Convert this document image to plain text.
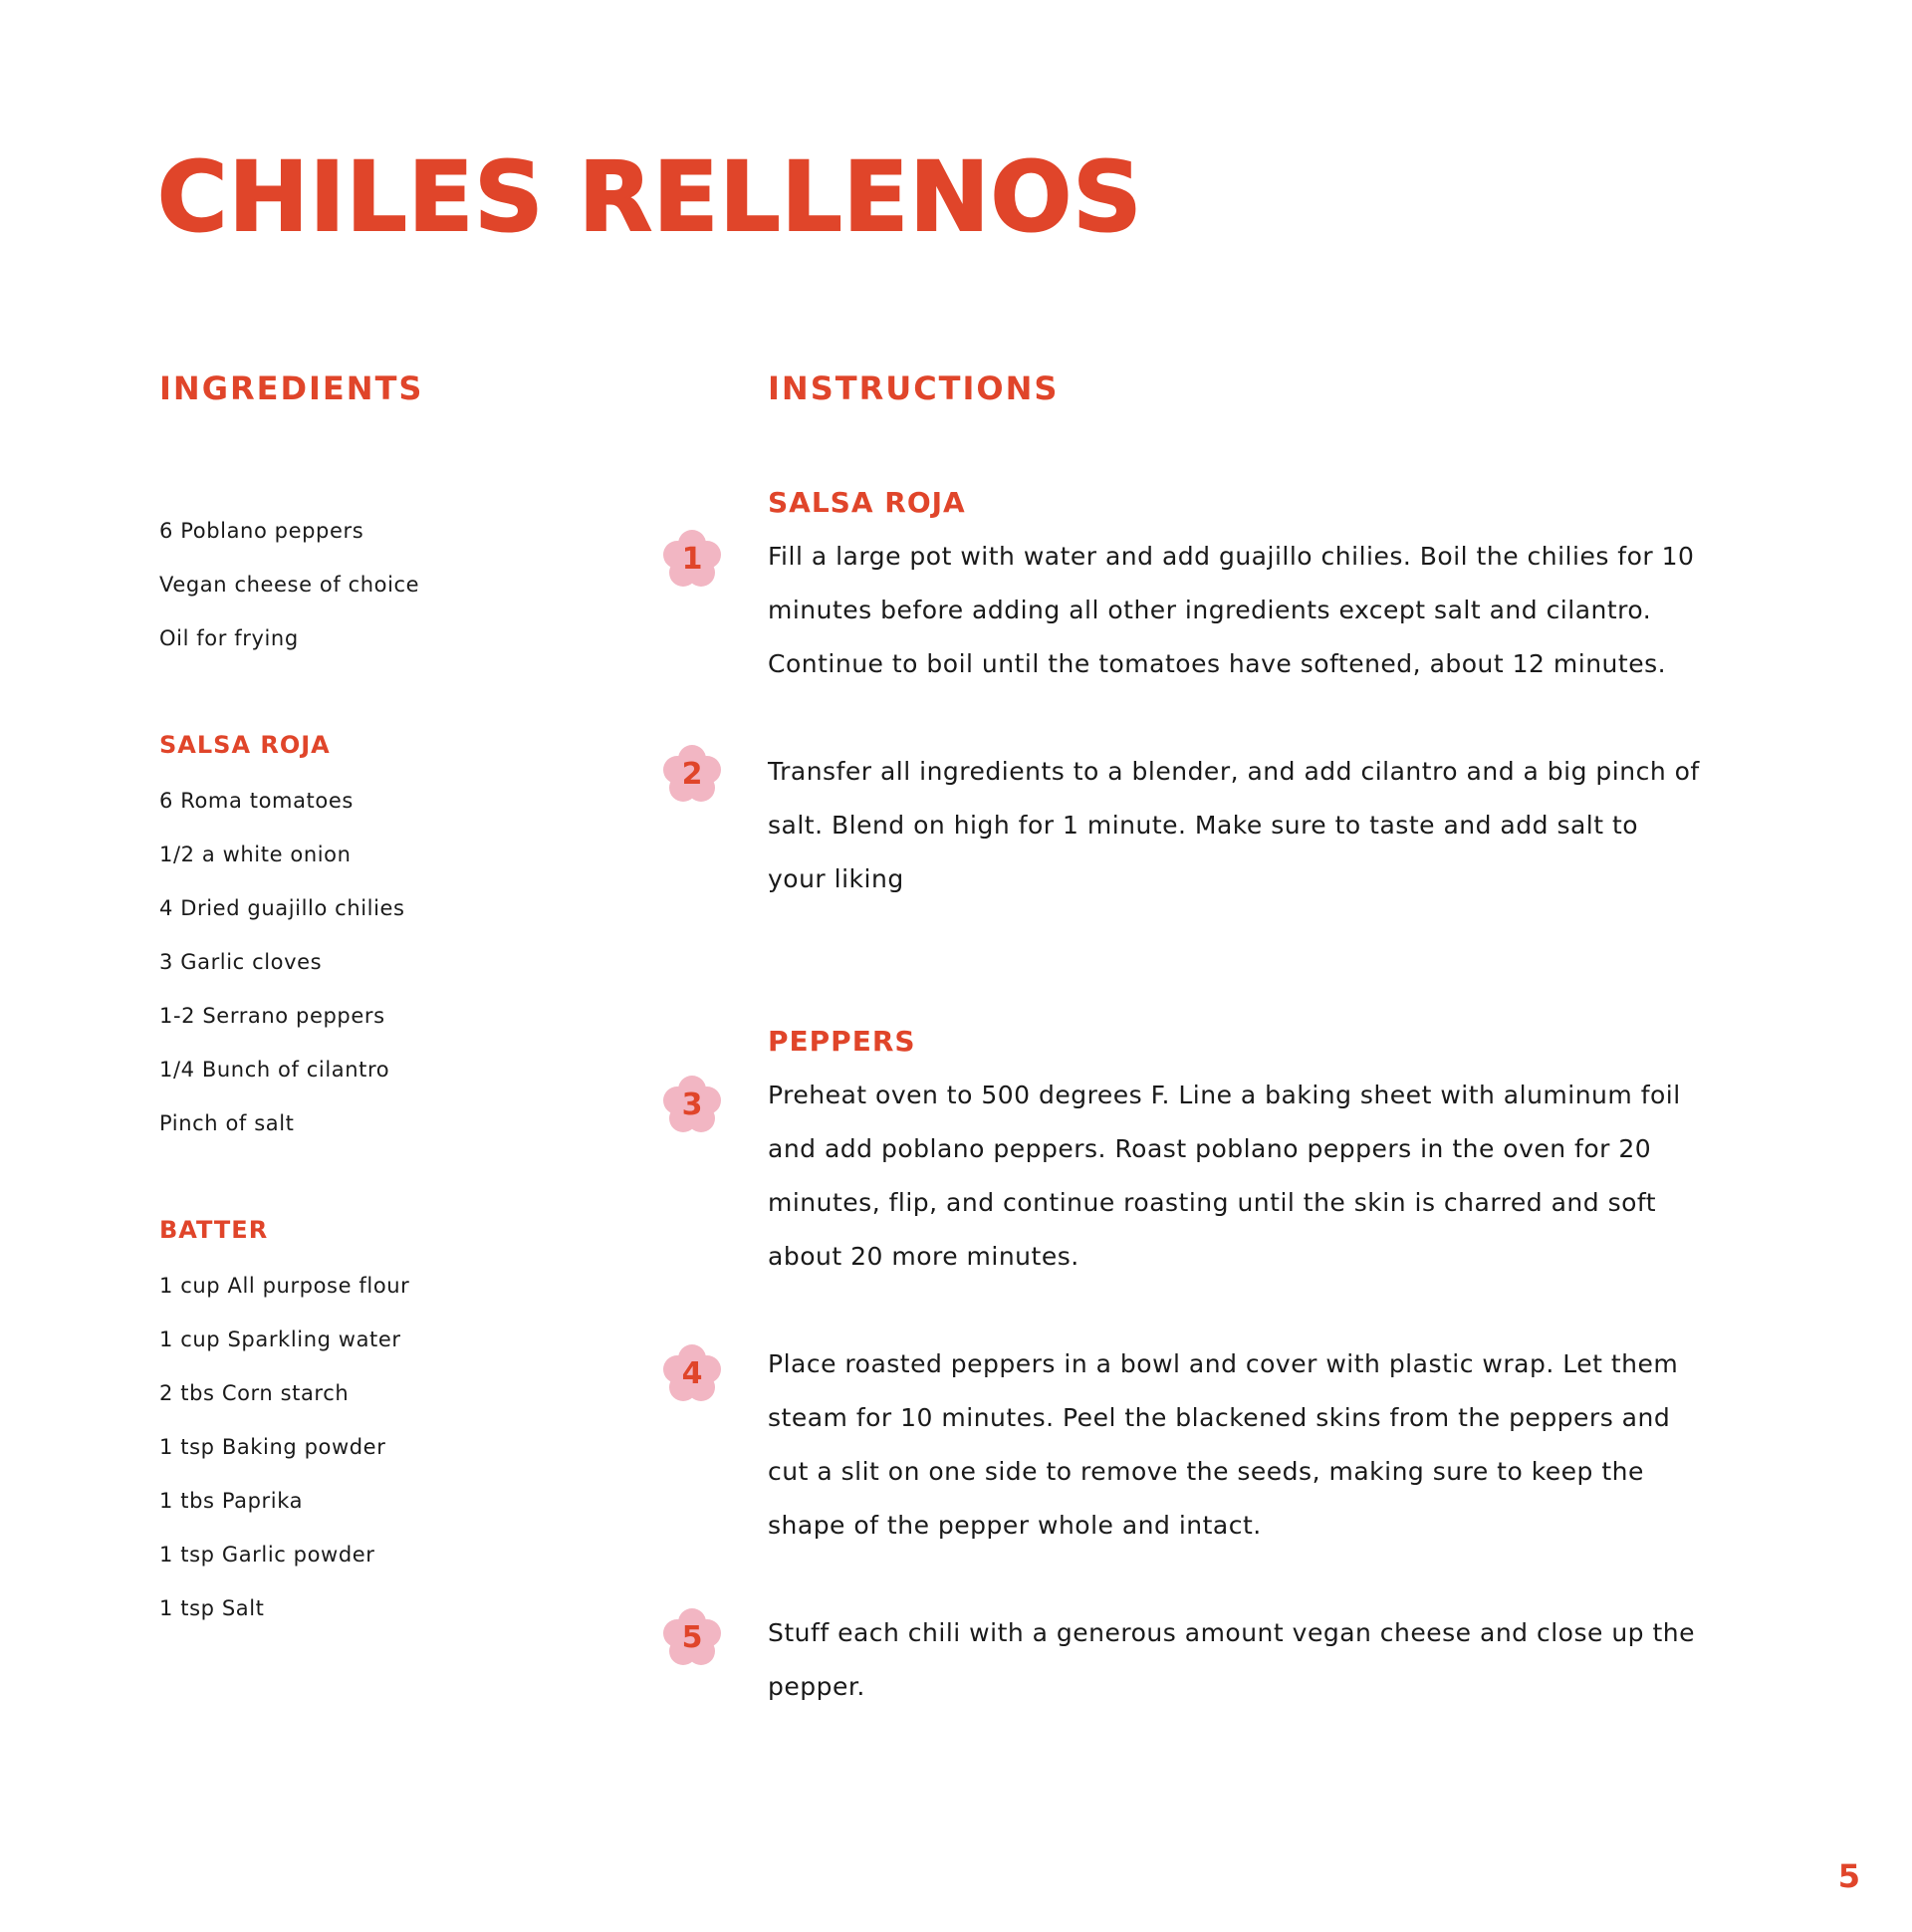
CHILES RELLENOS
INGREDIENTS
6 Poblano peppers
Vegan cheese of choice
Oil for frying
SALSA ROJA
6 Roma tomatoes
1/2 a white onion
4 Dried guajillo chilies
3 Garlic cloves
1-2 Serrano peppers
1/4 Bunch of cilantro
Pinch of salt
BATTER
1 cup All purpose flour
1 cup Sparkling water
2 tbs Corn starch
1 tsp Baking powder
1 tbs Paprika
1 tsp Garlic powder
1 tsp Salt
INSTRUCTIONS
SALSA ROJA
1	Fill a large pot with water and add guajillo chilies. Boil the chilies for 10 minutes before adding all other ingredients except salt and cilantro. Continue to boil until the tomatoes have softened, about 12 minutes.

2	Transfer all ingredients to a blender, and add cilantro and a big pinch of salt. Blend on high for 1 minute. Make sure to taste and add salt to your liking

PEPPERS
3	Preheat oven to 500 degrees F. Line a baking sheet with aluminum foil and add poblano peppers. Roast poblano peppers in the oven for 20 minutes, flip, and continue roasting until the skin is charred and soft about 20 more minutes.

4	Place roasted peppers in a bowl and cover with plastic wrap. Let them steam for 10 minutes. Peel the blackened skins from the peppers and cut a slit on one side to remove the seeds, making sure to keep the shape of the pepper whole and intact.

5	Stuff each chili with a generous amount vegan cheese and close up the pepper.

5
